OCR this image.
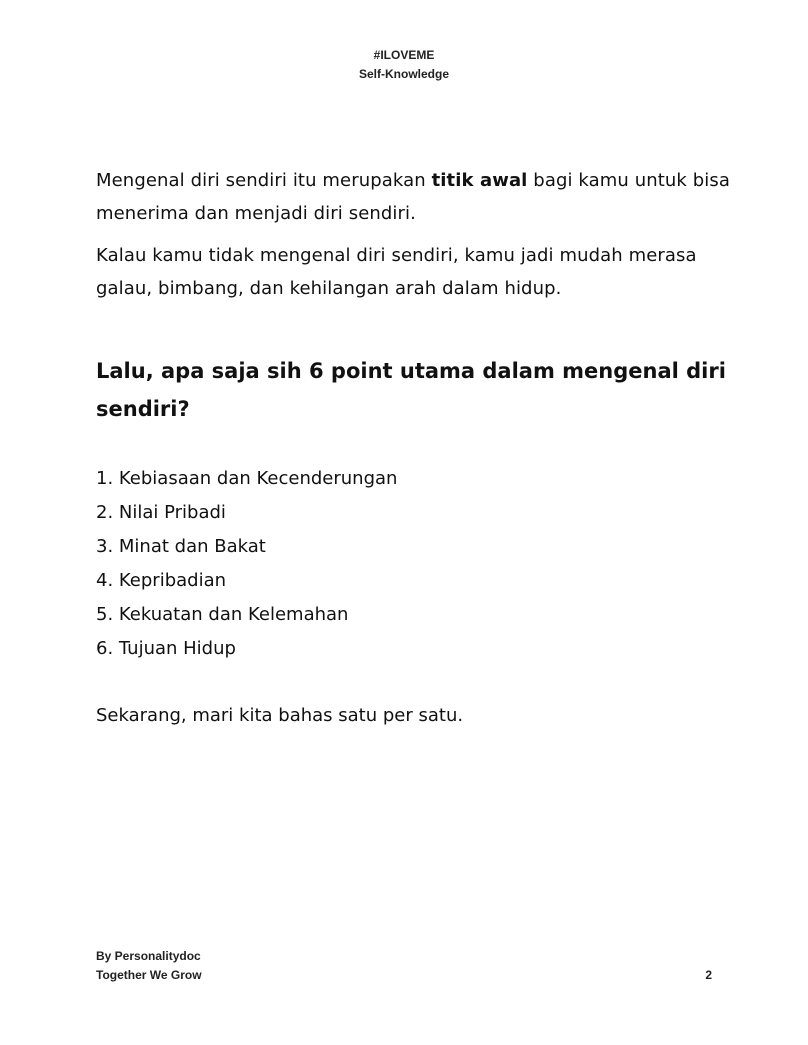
#ILOVEME
Self-Knowledge

Mengenal diri sendiri itu merupakan titik awal bagi kamu untuk bisa menerima dan menjadi diri sendiri.

Kalau kamu tidak mengenal diri sendiri, kamu jadi mudah merasa galau, bimbang, dan kehilangan arah dalam hidup.

Lalu, apa saja sih 6 point utama dalam mengenal diri sendiri?
1. Kebiasaan dan Kecenderungan
2. Nilai Pribadi
3. Minat dan Bakat
4. Kepribadian
5. Kekuatan dan Kelemahan
6. Tujuan Hidup

Sekarang, mari kita bahas satu per satu.

By Personalitydoc
Together We Grow	2
